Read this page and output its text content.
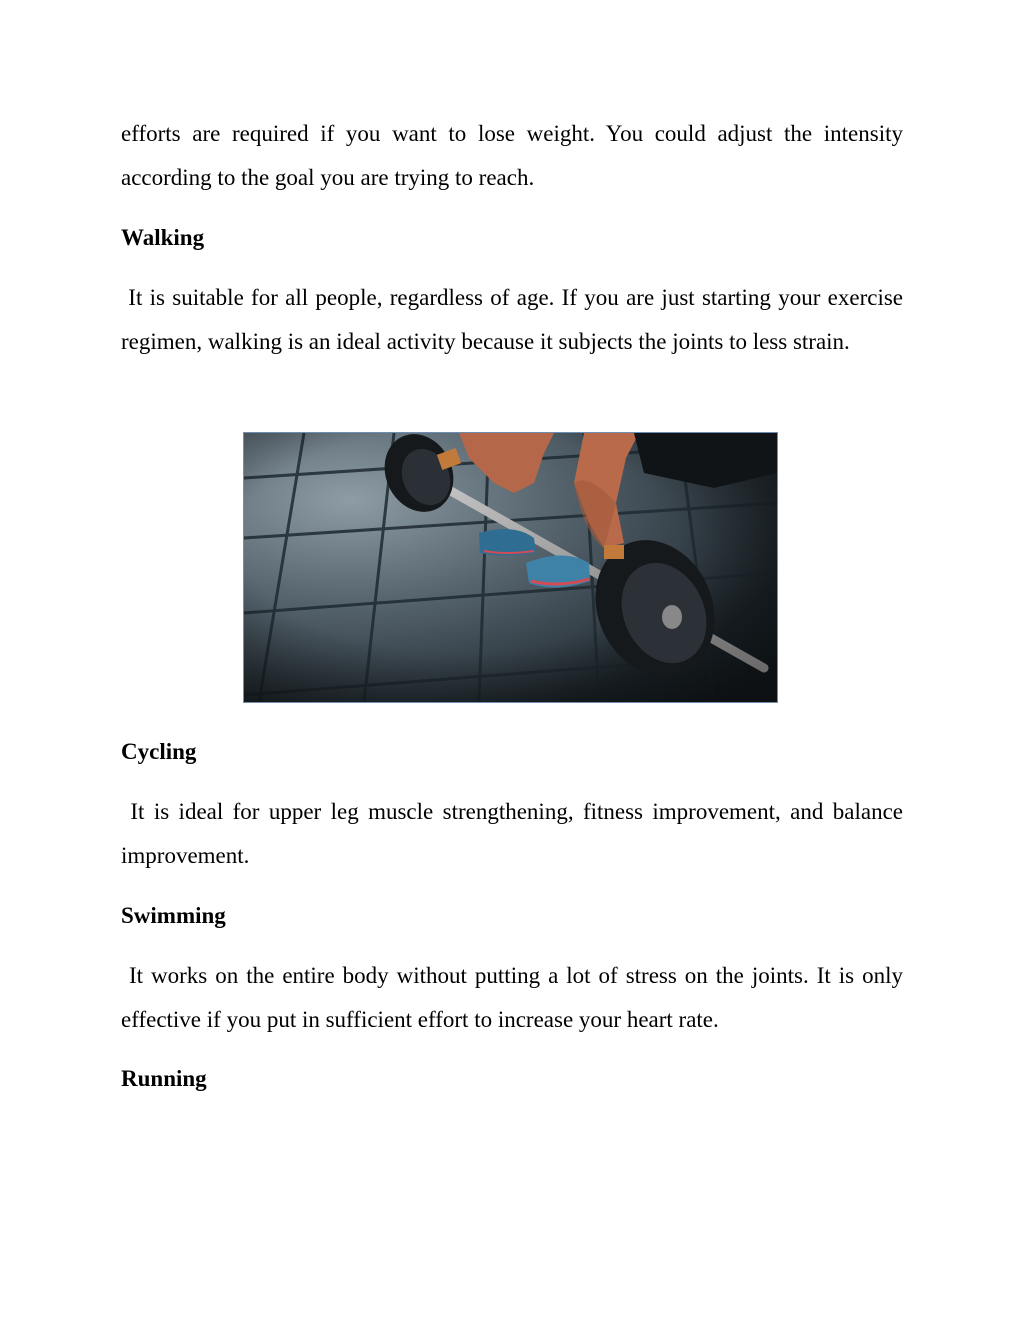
efforts are required if you want to lose weight. You could adjust the intensity according to the goal you are trying to reach.

Walking

It is suitable for all people, regardless of age. If you are just starting your exercise regimen, walking is an ideal activity because it subjects the joints to less strain.

Cycling

It is ideal for upper leg muscle strengthening, fitness improvement, and balance improvement.

Swimming

It works on the entire body without putting a lot of stress on the joints. It is only effective if you put in sufficient effort to increase your heart rate.

Running
